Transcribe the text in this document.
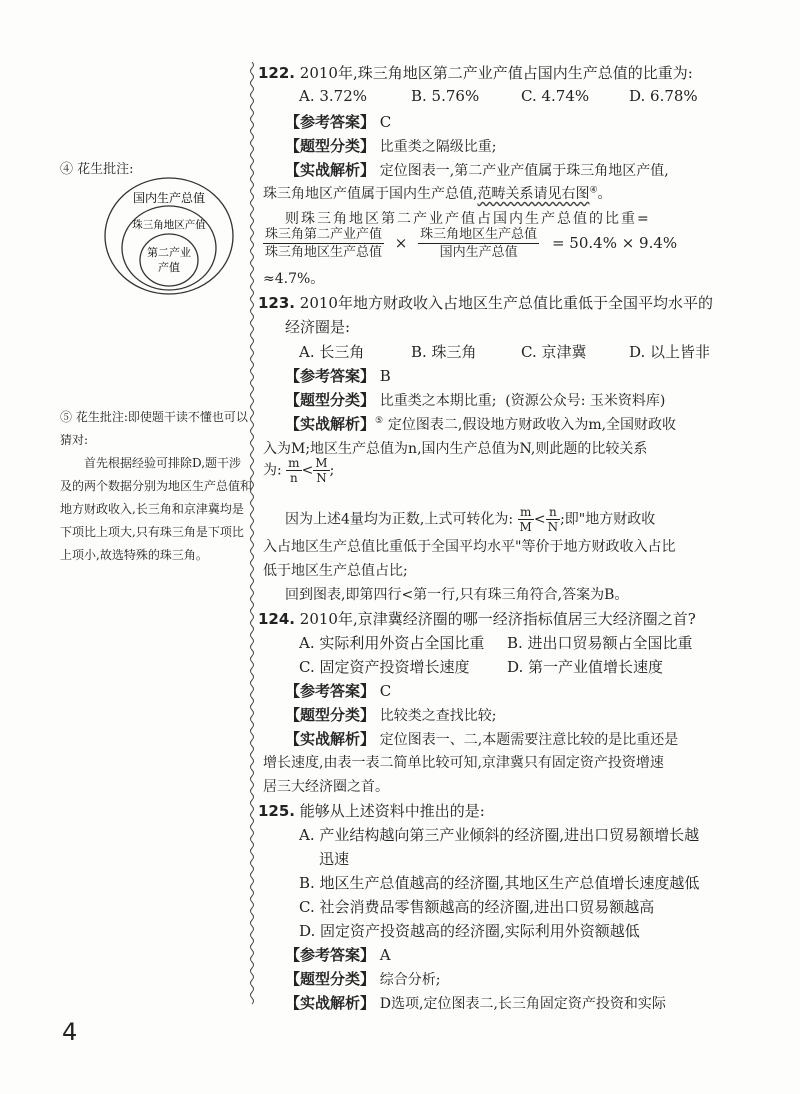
④ 花生批注:
国内生产总值
珠三角地区产值
第二产业
产值

⑤ 花生批注:即使题干读不懂也可以猜对:

首先根据经验可排除D,题干涉及的两个数据分别为地区生产总值和地方财政收入,长三角和京津冀均是下项比上项大,只有珠三角是下项比上项小,故选特殊的珠三角。

122. 2010年,珠三角地区第二产业产值占国内生产总值的比重为:
A. 3.72%	B. 5.76%	C. 4.74%	D. 6.78%
【参考答案】 C
【题型分类】 比重类之隔级比重;
【实战解析】 定位图表一,第二产业产值属于珠三角地区产值,
珠三角地区产值属于国内生产总值,范畴关系请见右图④。
则珠三角地区第二产业产值占国内生产总值的比重=
$\frac{\text{珠三角第二产业产值}}{\text{珠三角地区生产总值}} \times \frac{\text{珠三角地区生产总值}}{\text{国内生产总值}} = 50.4\% \times 9.4\%$
≈4.7%。
123. 2010年地方财政收入占地区生产总值比重低于全国平均水平的
经济圈是:
A. 长三角	B. 珠三角	C. 京津冀	D. 以上皆非
【参考答案】 B
【题型分类】 比重类之本期比重; (资源公众号: 玉米资料库)
【实战解析】⑤ 定位图表二,假设地方财政收入为m,全国财政收
入为M;地区生产总值为n,国内生产总值为N,则此题的比较关系
为: $\frac{m}{n} < \frac{M}{N}$ ;
因为上述4量均为正数,上式可转化为: $\frac{m}{M} < \frac{n}{N}$ ;即"地方财政收
入占地区生产总值比重低于全国平均水平"等价于地方财政收入占比
低于地区生产总值占比;
回到图表,即第四行<第一行,只有珠三角符合,答案为B。
124. 2010年,京津冀经济圈的哪一经济指标值居三大经济圈之首?
A. 实际利用外资占全国比重 B. 进出口贸易额占全国比重
C. 固定资产投资增长速度	D. 第一产业值增长速度
【参考答案】 C
【题型分类】 比较类之查找比较;
【实战解析】 定位图表一、二,本题需要注意比较的是比重还是
增长速度,由表一表二简单比较可知,京津冀只有固定资产投资增速
居三大经济圈之首。
125. 能够从上述资料中推出的是:
A. 产业结构越向第三产业倾斜的经济圈,进出口贸易额增长越
迅速
B. 地区生产总值越高的经济圈,其地区生产总值增长速度越低
C. 社会消费品零售额越高的经济圈,进出口贸易额越高
D. 固定资产投资越高的经济圈,实际利用外资额越低
【参考答案】 A
【题型分类】 综合分析;
【实战解析】 D选项,定位图表二,长三角固定资产投资和实际
4
